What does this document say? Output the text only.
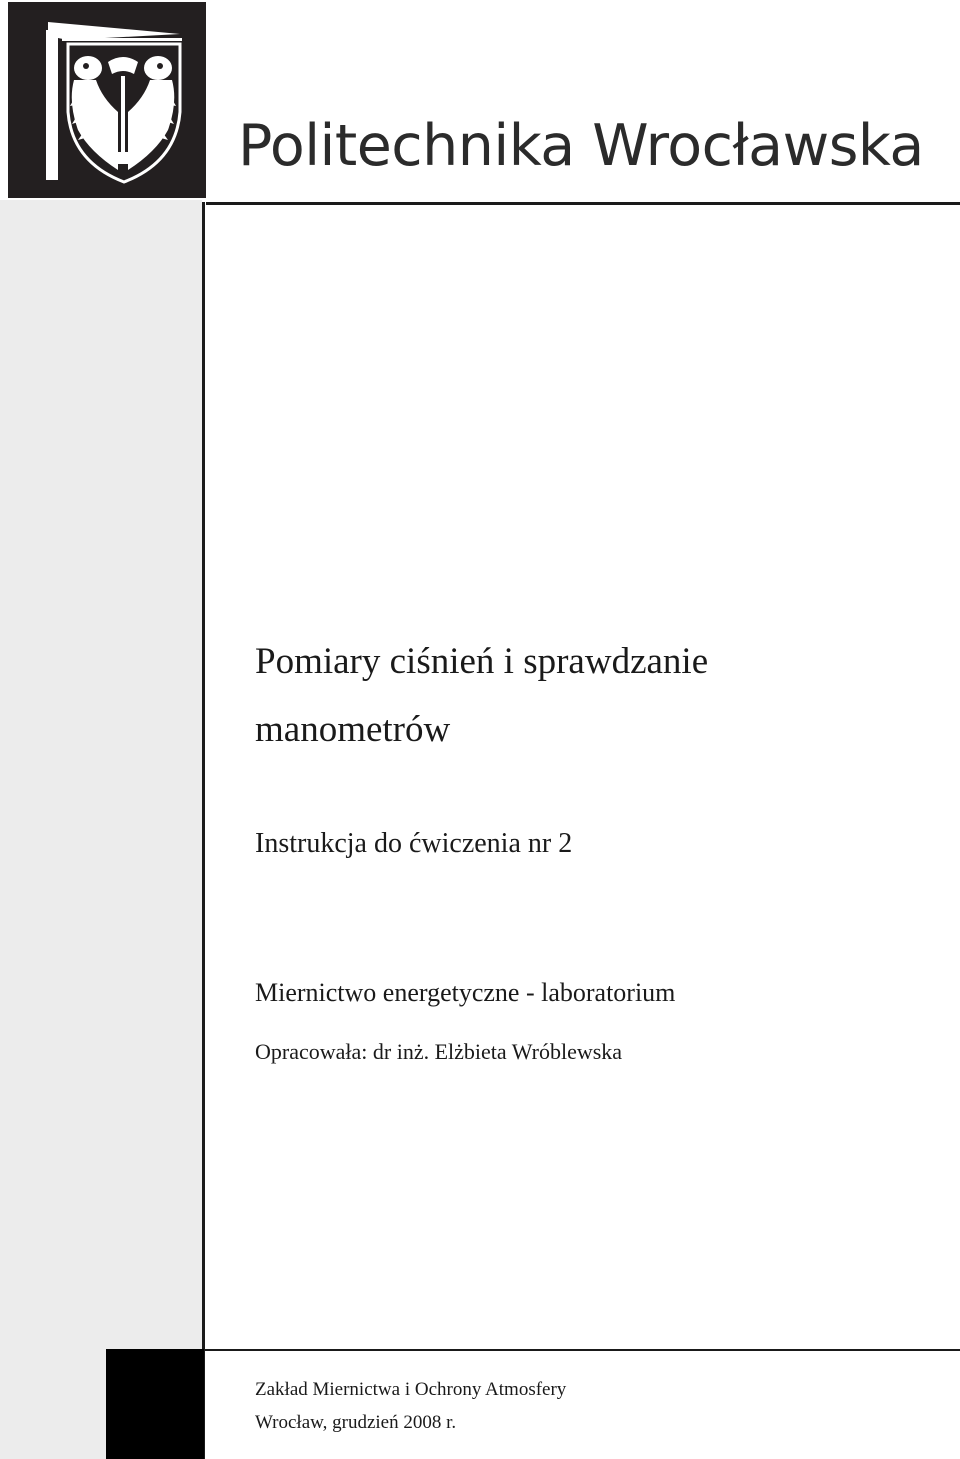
Politechnika Wrocławska
Pomiary ciśnień i sprawdzanie manometrów
Instrukcja do ćwiczenia nr 2
Miernictwo energetyczne - laboratorium
Opracowała: dr inż. Elżbieta Wróblewska
Zakład Miernictwa i Ochrony Atmosfery
Wrocław, grudzień 2008 r.
